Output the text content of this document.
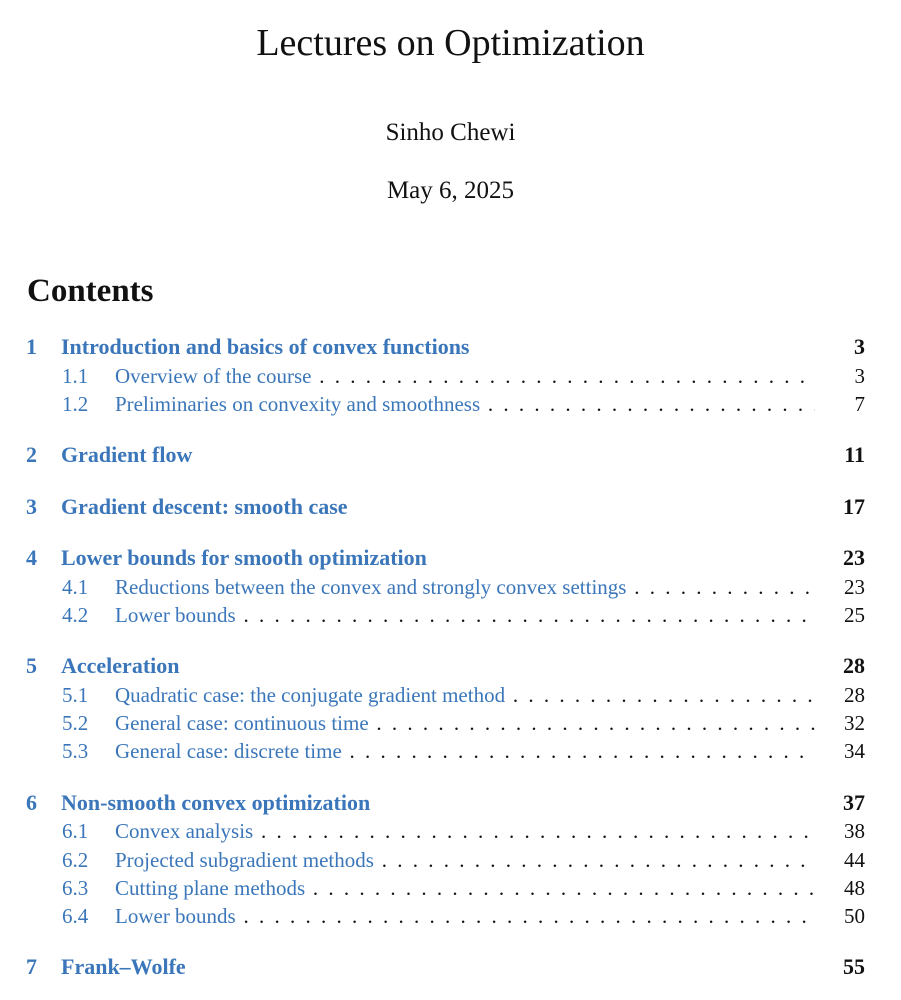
Lectures on Optimization
Sinho Chewi
May 6, 2025
Contents
1 Introduction and basics of convex functions	3
1.1 Overview of the course . . .	3
1.2 Preliminaries on convexity and smoothness . . .	7
2 Gradient flow	11
3 Gradient descent: smooth case	17
4 Lower bounds for smooth optimization	23
4.1 Reductions between the convex and strongly convex settings . . .	23
4.2 Lower bounds . . .	25
5 Acceleration	28
5.1 Quadratic case: the conjugate gradient method . . .	28
5.2 General case: continuous time . . .	32
5.3 General case: discrete time . . .	34
6 Non-smooth convex optimization	37
6.1 Convex analysis . . .	38
6.2 Projected subgradient methods . . .	44
6.3 Cutting plane methods . . .	48
6.4 Lower bounds . . .	50
7 Frank–Wolfe	55
